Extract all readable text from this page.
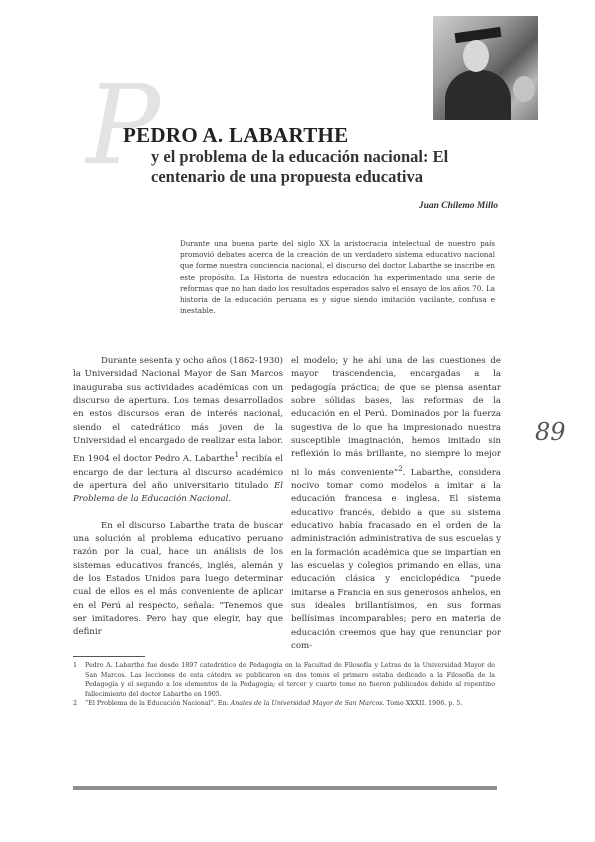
P
PEDRO A. LABARTHE
y el problema de la educación nacional: El centenario de una propuesta educativa
Juan Chilemo Millo
Durante una buena parte del siglo XX la aristocracia intelectual de nuestro país promovió debates acerca de la creación de un verdadero sistema educativo nacional que forme nuestra conciencia nacional, el discurso del doctor Labarthe se inscribe en este propósito. La Historia de nuestra educación ha experimentado una serie de reformas que no han dado los resultados esperados salvo el ensayo de los años 70. La historia de la educación peruana es y sigue siendo imitación vacilante, confusa e inestable.
89

Durante sesenta y ocho años (1862-1930) la Universidad Nacional Mayor de San Marcos inauguraba sus actividades académicas con un discurso de apertura. Los temas desarrollados en estos discursos eran de interés nacional, siendo el catedrático más joven de la Universidad el encargado de realizar esta labor. En 1904 el doctor Pedro A. Labarthe$^1$ recibía el encargo de dar lectura al discurso académico de apertura del año universitario titulado El Problema de la Educación Nacional.

En el discurso Labarthe trata de buscar una solución al problema educativo peruano razón por la cual, hace un análisis de los sistemas educativos francés, inglés, alemán y de los Estados Unidos para luego determinar cual de ellos es el más conveniente de aplicar en el Perú al respecto, señala: “Tenemos que ser imitadores. Pero hay que elegir, hay que definir

el modelo; y he ahí una de las cuestiones de mayor trascendencia, encargadas a la pedagogía práctica; de que se piensa asentar sobre sólidas bases, las reformas de la educación en el Perú. Dominados por la fuerza sugestiva de lo que ha impresionado nuestra susceptible imaginación, hemos imitado sin reflexión lo más brillante, no siempre lo mejor ni lo más conveniente”$^2$. Labarthe, considera nocivo tomar como modelos a imitar a la educación francesa e inglesa. El sistema educativo francés, debido a que su sistema educativo había fracasado en el orden de la administración administrativa de sus escuelas y en la formación académica que se impartían en las escuelas y colegios primando en ellas, una educación clásica y enciclopédica “puede imitarse a Francia en sus generosos anhelos, en sus ideales brillantísimos, en sus formas bellísimas incomparables; pero en materia de educación creemos que hay que renunciar por com-

1	Pedro A. Labarthe fue desde 1897 catedrático de Pedagogía en la Facultad de Filosofía y Letras de la Universidad Mayor de San Marcos. Las lecciones de esta cátedra se publicaron en dos tomos el primero estaba dedicado a la Filosofía de la Pedagogía y el segundo a los elementos de la Pedagogía; el tercer y cuarto tomo no fueron publicados debido al repentino fallecimiento del doctor Labarthe en 1905.
2	“El Problema de la Educación Nacional”. En: Anales de la Universidad Mayor de San Marcos. Tomo XXXII. 1906. p. 5.
